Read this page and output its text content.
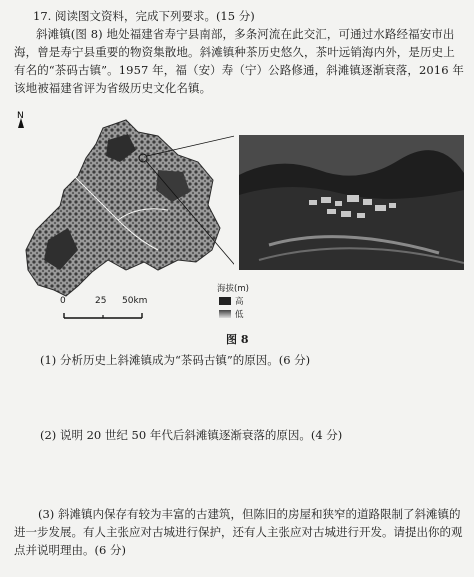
17. 阅读图文资料，完成下列要求。(15 分)
斜滩镇(图 8) 地处福建省寿宁县南部，多条河流在此交汇，可通过水路经福安市出海，曾是寿宁县重要的物资集散地。斜滩镇种茶历史悠久，茶叶远销海内外，是历史上有名的“茶码古镇”。1957 年，福（安）寿（宁）公路修通，斜滩镇逐渐衰落，2016 年该地被福建省评为省级历史文化名镇。
N
0	25 50km
海拔(m)
高
低
图 8
(1) 分析历史上斜滩镇成为“茶码古镇”的原因。(6 分)
(2) 说明 20 世纪 50 年代后斜滩镇逐渐衰落的原因。(4 分)
(3) 斜滩镇内保存有较为丰富的古建筑，但陈旧的房屋和狭窄的道路限制了斜滩镇的进一步发展。有人主张应对古城进行保护，还有人主张应对古城进行开发。请提出你的观点并说明理由。(6 分)
